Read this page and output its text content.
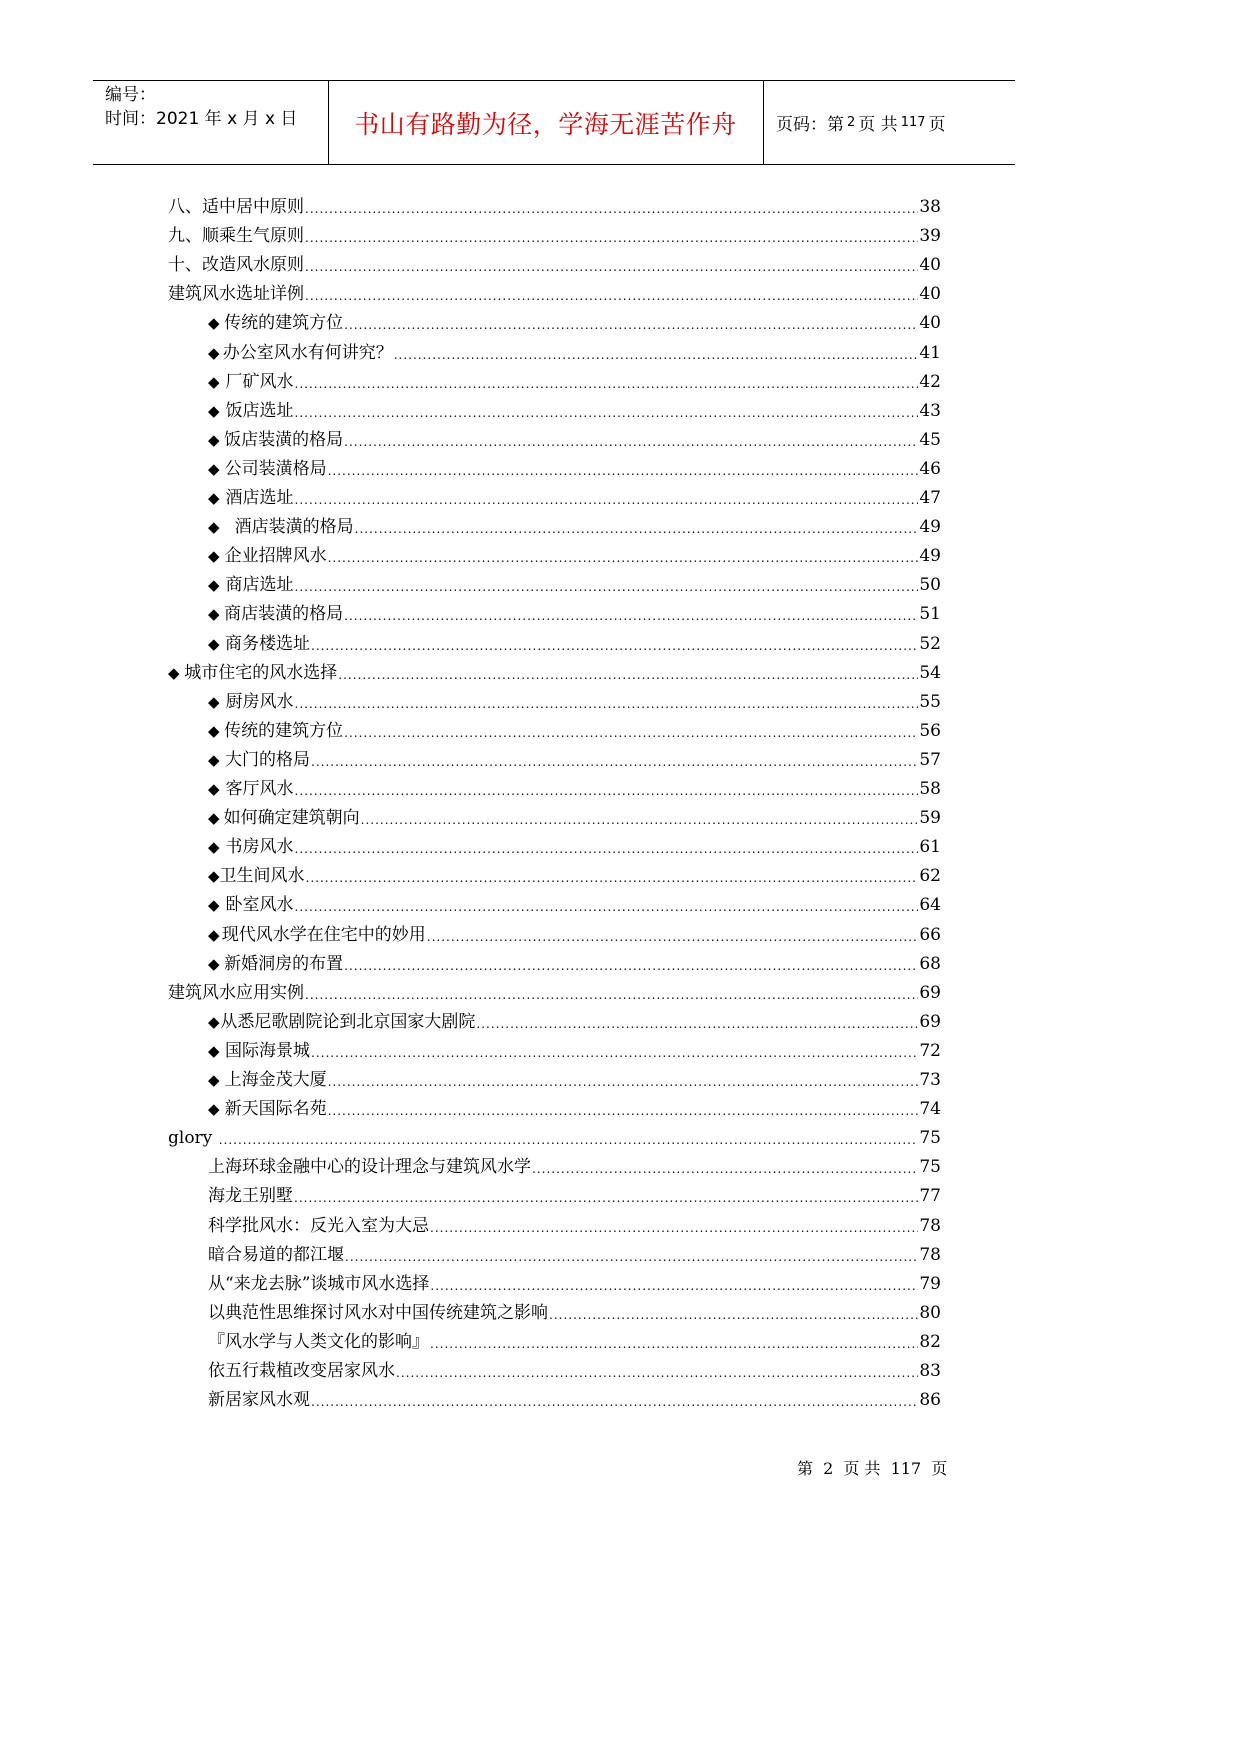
编号：
时间：2021 年 x 月 x 日 书山有路勤为径，学海无涯苦作舟 页码：第 2 页 共 117 页
八、 适中居中原则 .....	38
九、 顺乘生气原则 .....	39
十、 改造风水原则 .....	40
建筑风水选址详例 .....	40
◆ 传统的建筑方位 .....	40
◆ 办公室风水有何讲究？ .....	41
◆ 厂矿风水 .....	42
◆ 饭店选址 .....	43
◆ 饭店装潢的格局 .....	45
◆ 公司装潢格局 .....	46
◆ 酒店选址 .....	47
◆ 酒店装潢的格局 .....	49
◆ 企业招牌风水 .....	49
◆ 商店选址 .....	50
◆ 商店装潢的格局 .....	51
◆ 商务楼选址 .....	52
◆ 城市住宅的风水选择 .....	54
◆ 厨房风水 .....	55
◆ 传统的建筑方位 .....	56
◆ 大门的格局 .....	57
◆ 客厅风水 .....	58
◆ 如何确定建筑朝向 .....	59
◆ 书房风水 .....	61
◆ 卫生间风水 .....	62
◆ 卧室风水 .....	64
◆ 现代风水学在住宅中的妙用 .....	66
◆ 新婚洞房的布置 .....	68
建筑风水应用实例 .....	69
◆ 从悉尼歌剧院论到北京国家大剧院 .....	69
◆ 国际海景城 .....	72
◆ 上海金茂大厦 .....	73
◆ 新天国际名苑 .....	74
glory .....	75
上海环球金融中心的设计理念与建筑风水学 .....	75
海龙王别墅 .....	77
科学批风水：反光入室为大忌 .....	78
暗合易道的都江堰 .....	78
从“来龙去脉”谈城市风水选择 .....	79
以典范性思维探讨风水对中国传统建筑之影响 .....	80
『风水学与人类文化的影响』 .....	82
依五行栽植改变居家风水 .....	83
新居家风水观 .....	86
第 2 页 共 117 页
